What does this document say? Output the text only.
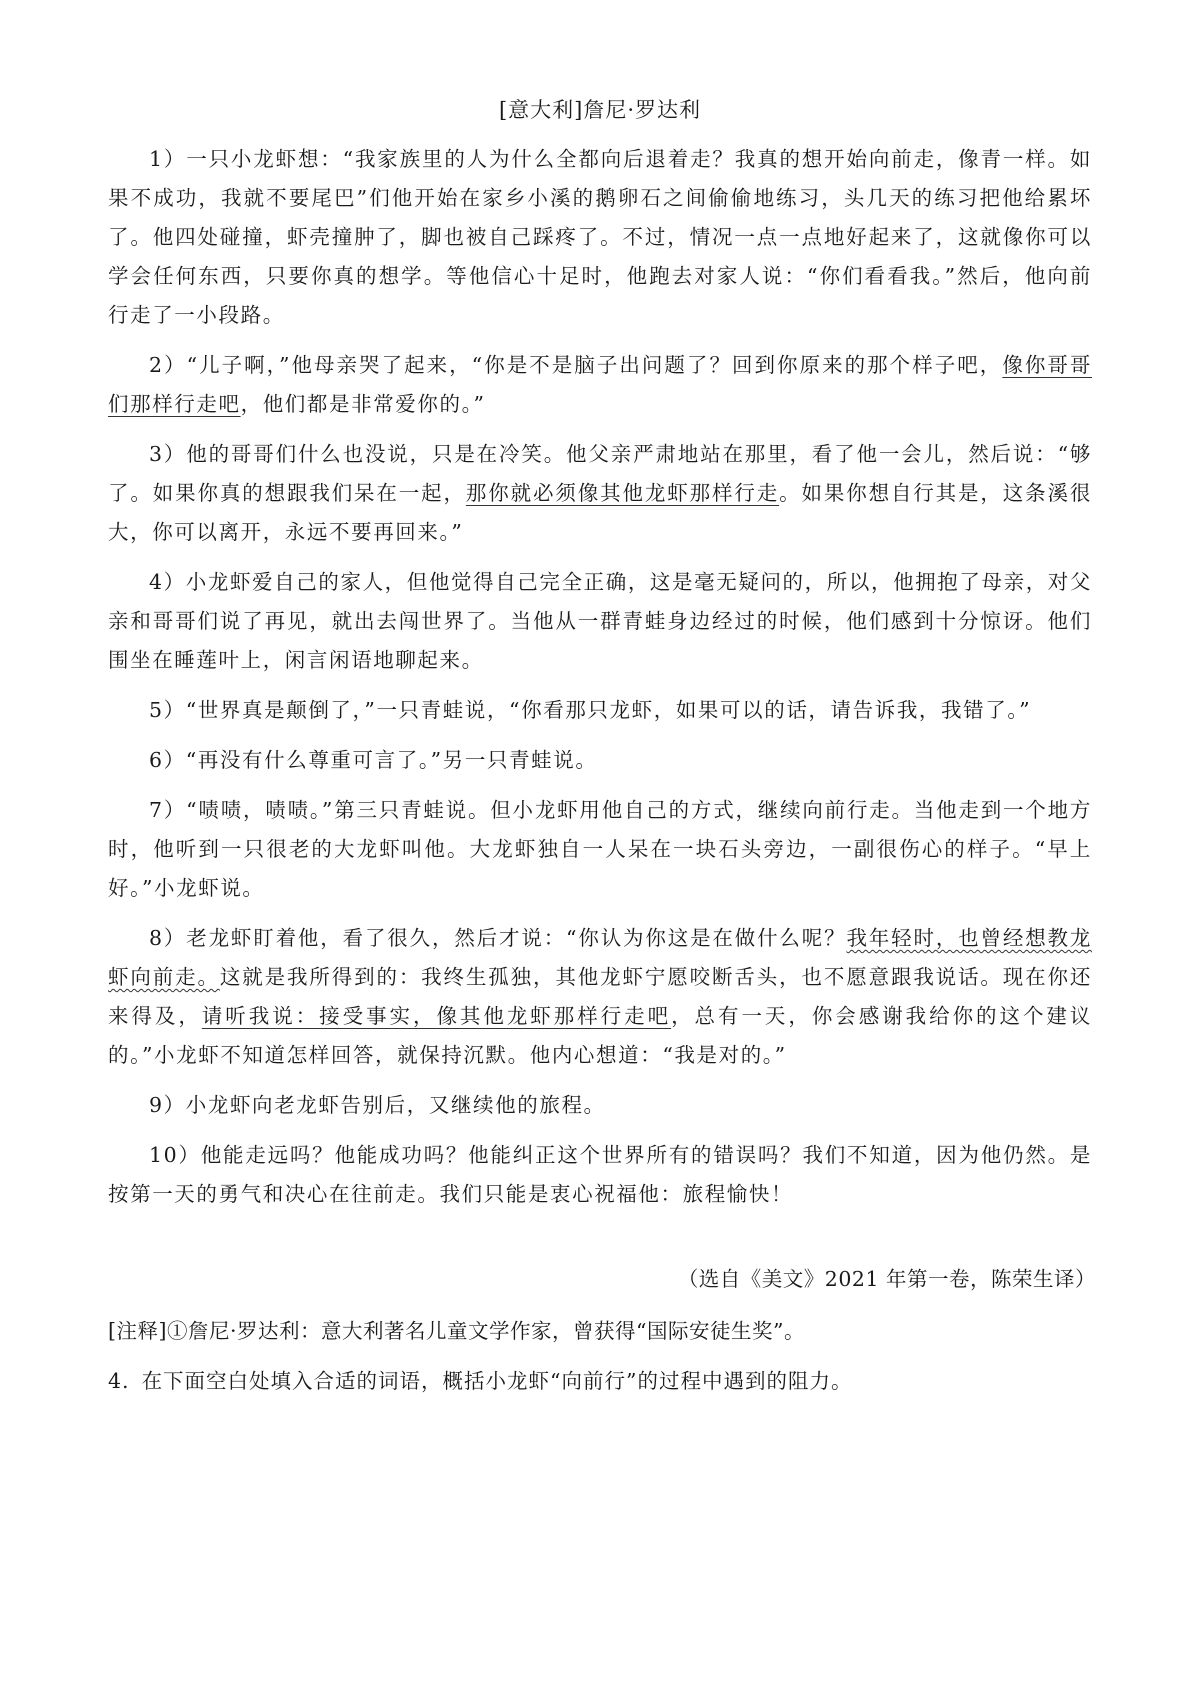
[意大利]詹尼·罗达利

1）一只小龙虾想：“我家族里的人为什么全都向后退着走？我真的想开始向前走，像青一样。如果不成功，我就不要尾巴”们他开始在家乡小溪的鹅卵石之间偷偷地练习，头几天的练习把他给累坏了。他四处碰撞，虾壳撞肿了，脚也被自己踩疼了。不过，情况一点一点地好起来了，这就像你可以学会任何东西，只要你真的想学。等他信心十足时，他跑去对家人说：“你们看看我。”然后，他向前行走了一小段路。

2）“儿子啊，”他母亲哭了起来，“你是不是脑子出问题了？回到你原来的那个样子吧，像你哥哥们那样行走吧，他们都是非常爱你的。”

3）他的哥哥们什么也没说，只是在冷笑。他父亲严肃地站在那里，看了他一会儿，然后说：“够了。如果你真的想跟我们呆在一起，那你就必须像其他龙虾那样行走。如果你想自行其是，这条溪很大，你可以离开，永远不要再回来。”

4）小龙虾爱自己的家人，但他觉得自己完全正确，这是毫无疑问的，所以，他拥抱了母亲，对父亲和哥哥们说了再见，就出去闯世界了。当他从一群青蛙身边经过的时候，他们感到十分惊讶。他们围坐在睡莲叶上，闲言闲语地聊起来。

5）“世界真是颠倒了，”一只青蛙说，“你看那只龙虾，如果可以的话，请告诉我，我错了。”

6）“再没有什么尊重可言了。”另一只青蛙说。

7）“啧啧，啧啧。”第三只青蛙说。但小龙虾用他自己的方式，继续向前行走。当他走到一个地方时，他听到一只很老的大龙虾叫他。大龙虾独自一人呆在一块石头旁边，一副很伤心的样子。“早上好。”小龙虾说。

8）老龙虾盯着他，看了很久，然后才说：“你认为你这是在做什么呢？我年轻时，也曾经想教龙虾向前走。这就是我所得到的：我终生孤独，其他龙虾宁愿咬断舌头，也不愿意跟我说话。现在你还来得及，请听我说：接受事实，像其他龙虾那样行走吧，总有一天，你会感谢我给你的这个建议的。”小龙虾不知道怎样回答，就保持沉默。他内心想道：“我是对的。”

9）小龙虾向老龙虾告别后，又继续他的旅程。

10）他能走远吗？他能成功吗？他能纠正这个世界所有的错误吗？我们不知道，因为他仍然。是按第一天的勇气和决心在往前走。我们只能是衷心祝福他：旅程愉快！

（选自《美文》2021 年第一卷，陈荣生译）
[注释]①詹尼·罗达利：意大利著名儿童文学作家，曾获得“国际安徒生奖”。
4. 在下面空白处填入合适的词语，概括小龙虾“向前行”的过程中遇到的阻力。
